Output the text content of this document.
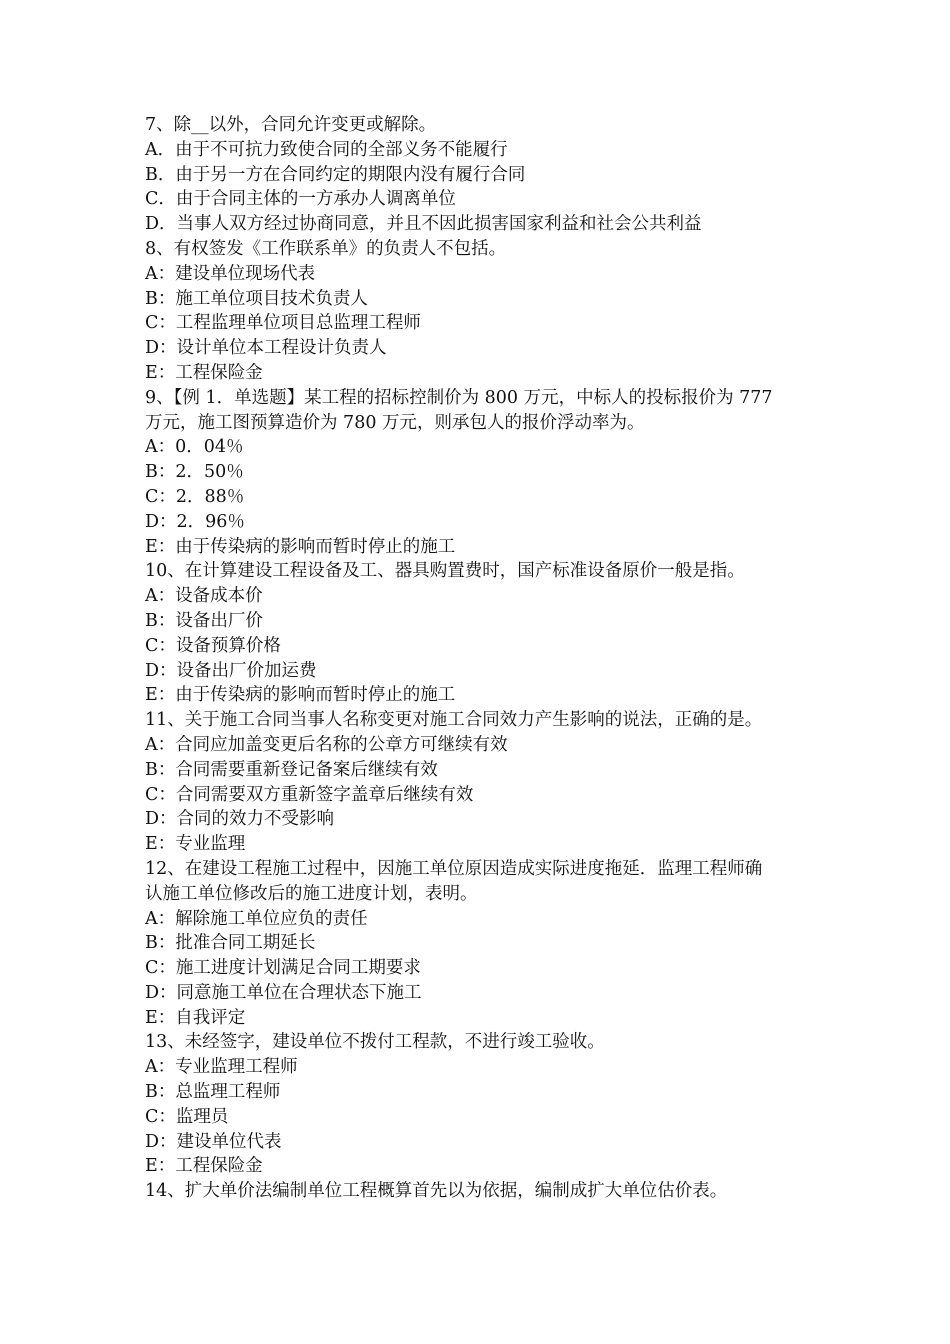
7、除__以外，合同允许变更或解除。

A．由于不可抗力致使合同的全部义务不能履行

B．由于另一方在合同约定的期限内没有履行合同

C．由于合同主体的一方承办人调离单位

D．当事人双方经过协商同意，并且不因此损害国家利益和社会公共利益

8、有权签发《工作联系单》的负责人不包括。

A：建设单位现场代表

B：施工单位项目技术负责人

C：工程监理单位项目总监理工程师

D：设计单位本工程设计负责人

E：工程保险金

9、【例 1．单选题】某工程的招标控制价为 800 万元，中标人的投标报价为 777

万元，施工图预算造价为 780 万元，则承包人的报价浮动率为。

A：0．04％

B：2．50％

C：2．88％

D：2．96％

E：由于传染病的影响而暂时停止的施工

10、在计算建设工程设备及工、器具购置费时，国产标准设备原价一般是指。

A：设备成本价

B：设备出厂价

C：设备预算价格

D：设备出厂价加运费

E：由于传染病的影响而暂时停止的施工

11、关于施工合同当事人名称变更对施工合同效力产生影响的说法，正确的是。

A：合同应加盖变更后名称的公章方可继续有效

B：合同需要重新登记备案后继续有效

C：合同需要双方重新签字盖章后继续有效

D：合同的效力不受影响

E：专业监理

12、在建设工程施工过程中，因施工单位原因造成实际进度拖延．监理工程师确

认施工单位修改后的施工进度计划，表明。

A：解除施工单位应负的责任

B：批准合同工期延长

C：施工进度计划满足合同工期要求

D：同意施工单位在合理状态下施工

E：自我评定

13、未经签字，建设单位不拨付工程款，不进行竣工验收。

A：专业监理工程师

B：总监理工程师

C：监理员

D：建设单位代表

E：工程保险金

14、扩大单价法编制单位工程概算首先以为依据，编制成扩大单位估价表。
